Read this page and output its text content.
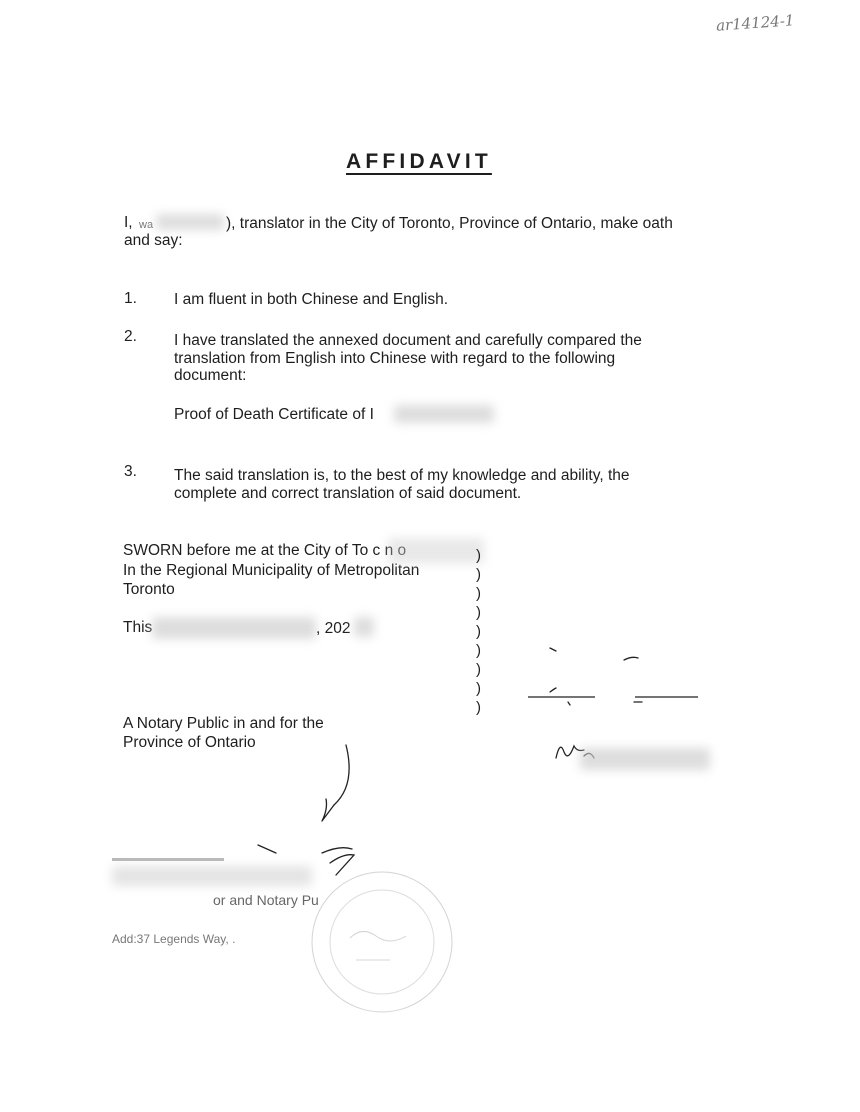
ar14124-1
AFFIDAVIT
I, wa	), translator in the City of Toronto, Province of Ontario, make oath
and say:
1. I am fluent in both Chinese and English.
2. I have translated the annexed document and carefully compared the
translation from English into Chinese with regard to the following
document:
Proof of Death Certificate of I
3. The said translation is, to the best of my knowledge and ability, the
complete and correct translation of said document.
SWORN before me at the City of To c n o
In the Regional Municipality of Metropolitan
Toronto
This	, 202
A Notary Public in and for the
Province of Ontario
)
)
)
)
)
)
)
)
)
or and Notary Pu
Add:37 Legends Way, .
